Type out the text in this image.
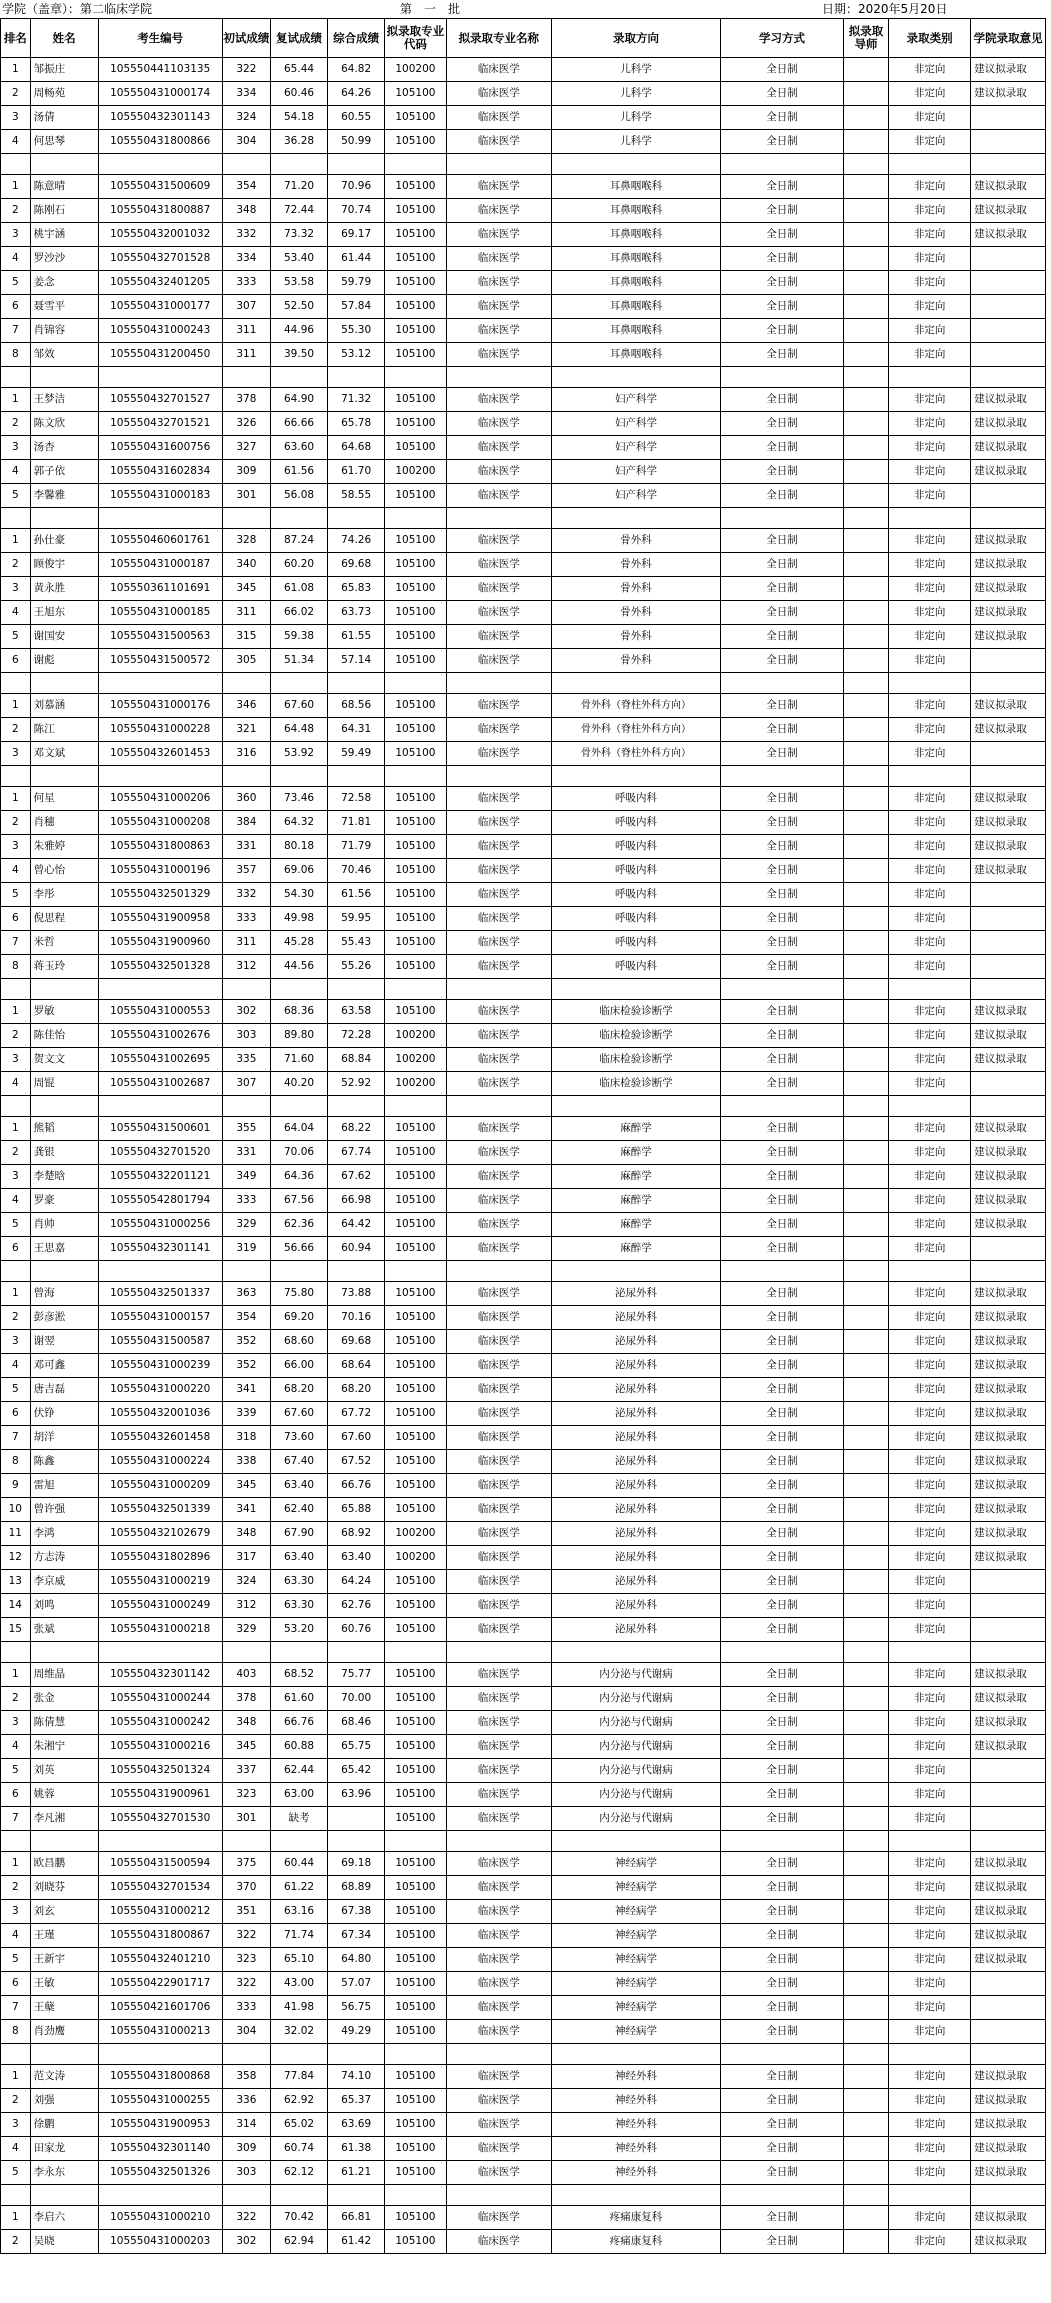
学院（盖章）：第二临床学院	第　一　批	日期：2020年5月20日
排名	姓名	考生编号	初试成绩	复试成绩	综合成绩	拟录取专业代码	拟录取专业名称	录取方向	学习方式	拟录取导师	录取类别	学院录取意见
1	邹振庄	105550441103135	322	65.44	64.82	100200	临床医学	儿科学	全日制		非定向	建议拟录取
2	周畅苑	105550431000174	334	60.46	64.26	105100	临床医学	儿科学	全日制		非定向	建议拟录取
3	汤倩	105550432301143	324	54.18	60.55	105100	临床医学	儿科学	全日制		非定向	
4	何思琴	105550431800866	304	36.28	50.99	105100	临床医学	儿科学	全日制		非定向	

1	陈意晴	105550431500609	354	71.20	70.96	105100	临床医学	耳鼻咽喉科	全日制		非定向	建议拟录取
2	陈刚石	105550431800887	348	72.44	70.74	105100	临床医学	耳鼻咽喉科	全日制		非定向	建议拟录取
3	桃宇涵	105550432001032	332	73.32	69.17	105100	临床医学	耳鼻咽喉科	全日制		非定向	建议拟录取
4	罗沙沙	105550432701528	334	53.40	61.44	105100	临床医学	耳鼻咽喉科	全日制		非定向	
5	姜念	105550432401205	333	53.58	59.79	105100	临床医学	耳鼻咽喉科	全日制		非定向	
6	聂雪平	105550431000177	307	52.50	57.84	105100	临床医学	耳鼻咽喉科	全日制		非定向	
7	肖锦容	105550431000243	311	44.96	55.30	105100	临床医学	耳鼻咽喉科	全日制		非定向	
8	邹效	105550431200450	311	39.50	53.12	105100	临床医学	耳鼻咽喉科	全日制		非定向	

1	王梦洁	105550432701527	378	64.90	71.32	105100	临床医学	妇产科学	全日制		非定向	建议拟录取
2	陈文欣	105550432701521	326	66.66	65.78	105100	临床医学	妇产科学	全日制		非定向	建议拟录取
3	汤杏	105550431600756	327	63.60	64.68	105100	临床医学	妇产科学	全日制		非定向	建议拟录取
4	郭子依	105550431602834	309	61.56	61.70	100200	临床医学	妇产科学	全日制		非定向	建议拟录取
5	李馨雅	105550431000183	301	56.08	58.55	105100	临床医学	妇产科学	全日制		非定向	

1	孙仕豪	105550460601761	328	87.24	74.26	105100	临床医学	骨外科	全日制		非定向	建议拟录取
2	顾俊宇	105550431000187	340	60.20	69.68	105100	临床医学	骨外科	全日制		非定向	建议拟录取
3	黄永胜	105550361101691	345	61.08	65.83	105100	临床医学	骨外科	全日制		非定向	建议拟录取
4	王旭东	105550431000185	311	66.02	63.73	105100	临床医学	骨外科	全日制		非定向	建议拟录取
5	谢国安	105550431500563	315	59.38	61.55	105100	临床医学	骨外科	全日制		非定向	建议拟录取
6	谢彪	105550431500572	305	51.34	57.14	105100	临床医学	骨外科	全日制		非定向	

1	刘慕涵	105550431000176	346	67.60	68.56	105100	临床医学	骨外科（脊柱外科方向）	全日制		非定向	建议拟录取
2	陈江	105550431000228	321	64.48	64.31	105100	临床医学	骨外科（脊柱外科方向）	全日制		非定向	建议拟录取
3	邓文斌	105550432601453	316	53.92	59.49	105100	临床医学	骨外科（脊柱外科方向）	全日制		非定向	

1	何星	105550431000206	360	73.46	72.58	105100	临床医学	呼吸内科	全日制		非定向	建议拟录取
2	肖穗	105550431000208	384	64.32	71.81	105100	临床医学	呼吸内科	全日制		非定向	建议拟录取
3	朱雅婷	105550431800863	331	80.18	71.79	105100	临床医学	呼吸内科	全日制		非定向	建议拟录取
4	曾心怡	105550431000196	357	69.06	70.46	105100	临床医学	呼吸内科	全日制		非定向	建议拟录取
5	李彤	105550432501329	332	54.30	61.56	105100	临床医学	呼吸内科	全日制		非定向	
6	倪思程	105550431900958	333	49.98	59.95	105100	临床医学	呼吸内科	全日制		非定向	
7	米哲	105550431900960	311	45.28	55.43	105100	临床医学	呼吸内科	全日制		非定向	
8	蒋玉玲	105550432501328	312	44.56	55.26	105100	临床医学	呼吸内科	全日制		非定向	

1	罗敏	105550431000553	302	68.36	63.58	105100	临床医学	临床检验诊断学	全日制		非定向	建议拟录取
2	陈佳怡	105550431002676	303	89.80	72.28	100200	临床医学	临床检验诊断学	全日制		非定向	建议拟录取
3	贺文文	105550431002695	335	71.60	68.84	100200	临床医学	临床检验诊断学	全日制		非定向	建议拟录取
4	周锟	105550431002687	307	40.20	52.92	100200	临床医学	临床检验诊断学	全日制		非定向	

1	熊韬	105550431500601	355	64.04	68.22	105100	临床医学	麻醉学	全日制		非定向	建议拟录取
2	龚银	105550432701520	331	70.06	67.74	105100	临床医学	麻醉学	全日制		非定向	建议拟录取
3	李楚晗	105550432201121	349	64.36	67.62	105100	临床医学	麻醉学	全日制		非定向	建议拟录取
4	罗豪	105550542801794	333	67.56	66.98	105100	临床医学	麻醉学	全日制		非定向	建议拟录取
5	肖帅	105550431000256	329	62.36	64.42	105100	临床医学	麻醉学	全日制		非定向	建议拟录取
6	王思嘉	105550432301141	319	56.66	60.94	105100	临床医学	麻醉学	全日制		非定向	

1	曾海	105550432501337	363	75.80	73.88	105100	临床医学	泌尿外科	全日制		非定向	建议拟录取
2	彭彦淞	105550431000157	354	69.20	70.16	105100	临床医学	泌尿外科	全日制		非定向	建议拟录取
3	谢翌	105550431500587	352	68.60	69.68	105100	临床医学	泌尿外科	全日制		非定向	建议拟录取
4	邓可鑫	105550431000239	352	66.00	68.64	105100	临床医学	泌尿外科	全日制		非定向	建议拟录取
5	唐吉磊	105550431000220	341	68.20	68.20	105100	临床医学	泌尿外科	全日制		非定向	建议拟录取
6	伏铮	105550432001036	339	67.60	67.72	105100	临床医学	泌尿外科	全日制		非定向	建议拟录取
7	胡洋	105550432601458	318	73.60	67.60	105100	临床医学	泌尿外科	全日制		非定向	建议拟录取
8	陈鑫	105550431000224	338	67.40	67.52	105100	临床医学	泌尿外科	全日制		非定向	建议拟录取
9	雷旭	105550431000209	345	63.40	66.76	105100	临床医学	泌尿外科	全日制		非定向	建议拟录取
10	曾许强	105550432501339	341	62.40	65.88	105100	临床医学	泌尿外科	全日制		非定向	建议拟录取
11	李鸿	105550432102679	348	67.90	68.92	100200	临床医学	泌尿外科	全日制		非定向	建议拟录取
12	方志涛	105550431802896	317	63.40	63.40	100200	临床医学	泌尿外科	全日制		非定向	建议拟录取
13	李京威	105550431000219	324	63.30	64.24	105100	临床医学	泌尿外科	全日制		非定向	
14	刘鸣	105550431000249	312	63.30	62.76	105100	临床医学	泌尿外科	全日制		非定向	
15	张斌	105550431000218	329	53.20	60.76	105100	临床医学	泌尿外科	全日制		非定向	

1	周维晶	105550432301142	403	68.52	75.77	105100	临床医学	内分泌与代谢病	全日制		非定向	建议拟录取
2	张金	105550431000244	378	61.60	70.00	105100	临床医学	内分泌与代谢病	全日制		非定向	建议拟录取
3	陈倩慧	105550431000242	348	66.76	68.46	105100	临床医学	内分泌与代谢病	全日制		非定向	建议拟录取
4	朱湘宁	105550431000216	345	60.88	65.75	105100	临床医学	内分泌与代谢病	全日制		非定向	建议拟录取
5	刘英	105550432501324	337	62.44	65.42	105100	临床医学	内分泌与代谢病	全日制		非定向	
6	姚蓉	105550431900961	323	63.00	63.96	105100	临床医学	内分泌与代谢病	全日制		非定向	
7	李凡湘	105550432701530	301	缺考		105100	临床医学	内分泌与代谢病	全日制		非定向	

1	欧昌鹏	105550431500594	375	60.44	69.18	105100	临床医学	神经病学	全日制		非定向	建议拟录取
2	刘晓芬	105550432701534	370	61.22	68.89	105100	临床医学	神经病学	全日制		非定向	建议拟录取
3	刘玄	105550431000212	351	63.16	67.38	105100	临床医学	神经病学	全日制		非定向	建议拟录取
4	王瑾	105550431800867	322	71.74	67.34	105100	临床医学	神经病学	全日制		非定向	建议拟录取
5	王新宇	105550432401210	323	65.10	64.80	105100	临床医学	神经病学	全日制		非定向	建议拟录取
6	王敏	105550422901717	322	43.00	57.07	105100	临床医学	神经病学	全日制		非定向	
7	王蘖	105550421601706	333	41.98	56.75	105100	临床医学	神经病学	全日制		非定向	
8	肖劲鹰	105550431000213	304	32.02	49.29	105100	临床医学	神经病学	全日制		非定向	

1	范文涛	105550431800868	358	77.84	74.10	105100	临床医学	神经外科	全日制		非定向	建议拟录取
2	刘强	105550431000255	336	62.92	65.37	105100	临床医学	神经外科	全日制		非定向	建议拟录取
3	徐鹏	105550431900953	314	65.02	63.69	105100	临床医学	神经外科	全日制		非定向	建议拟录取
4	田家龙	105550432301140	309	60.74	61.38	105100	临床医学	神经外科	全日制		非定向	建议拟录取
5	李永东	105550432501326	303	62.12	61.21	105100	临床医学	神经外科	全日制		非定向	建议拟录取

1	李启六	105550431000210	322	70.42	66.81	105100	临床医学	疼痛康复科	全日制		非定向	建议拟录取
2	吴晓	105550431000203	302	62.94	61.42	105100	临床医学	疼痛康复科	全日制		非定向	建议拟录取
